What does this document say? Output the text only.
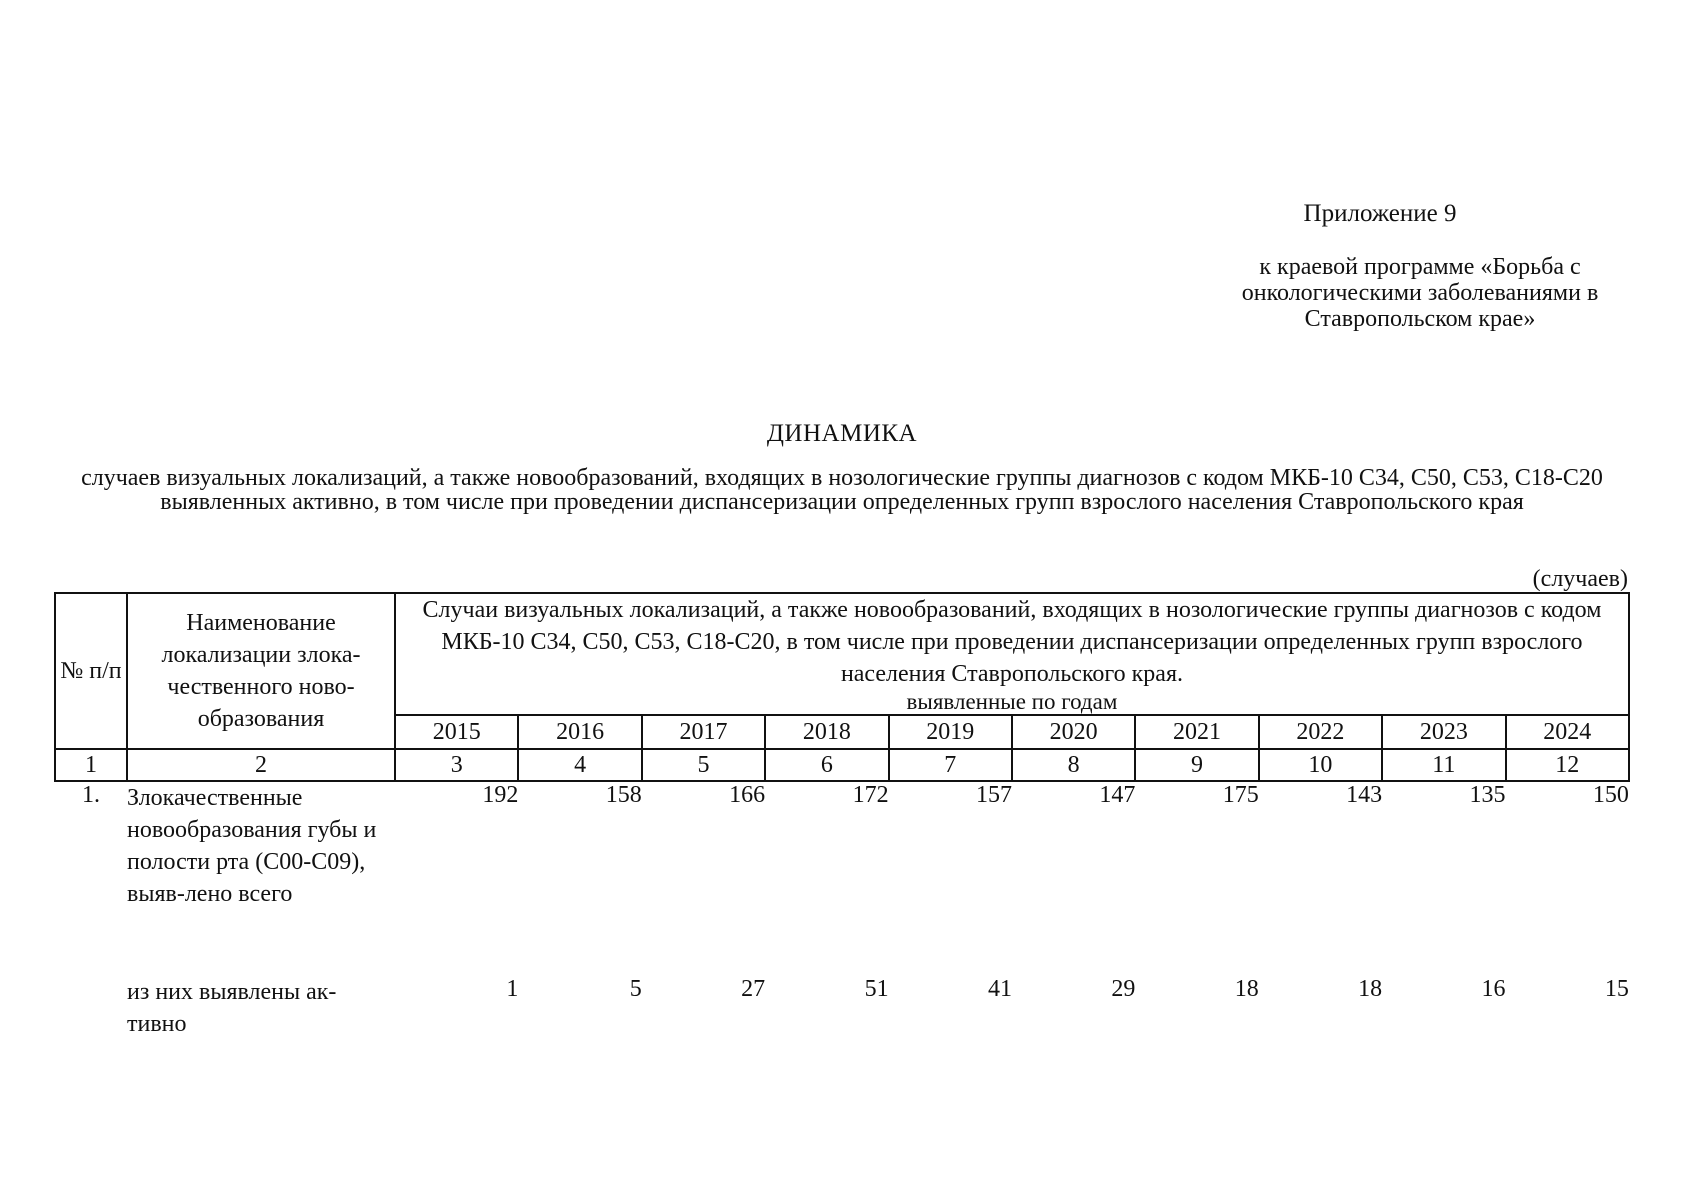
Приложение 9
к краевой программе «Борьба с онкологическими заболеваниями в Ставропольском крае»
ДИНАМИКА
случаев визуальных локализаций, а также новообразований, входящих в нозологические группы диагнозов с кодом МКБ-10 С34, С50, С53, С18-С20 выявленных активно, в том числе при проведении диспансеризации определенных групп взрослого населения Ставропольского края
(случаев)
№ п/п	Наименование локализации злока-чественного ново-образования	Случаи визуальных локализаций, а также новообразований, входящих в нозологические группы диагнозов с кодом МКБ-10 С34, С50, С53, С18-С20, в том числе при проведении диспансеризации определенных групп взрослого населения Ставропольского края.
выявленные по годам									

		2015	2016	2017	2018	2019	2020	2021	2022	2023	2024
1	2	3	4	5	6	7	8	9	10	11	12
1.	Злокачественные новообразования губы и полости рта (С00-С09), выяв-лено всего	192	158	166	172	157	147	175	143	135	150
	из них выявлены ак-тивно	1	5	27	51	41	29	18	18	16	15
